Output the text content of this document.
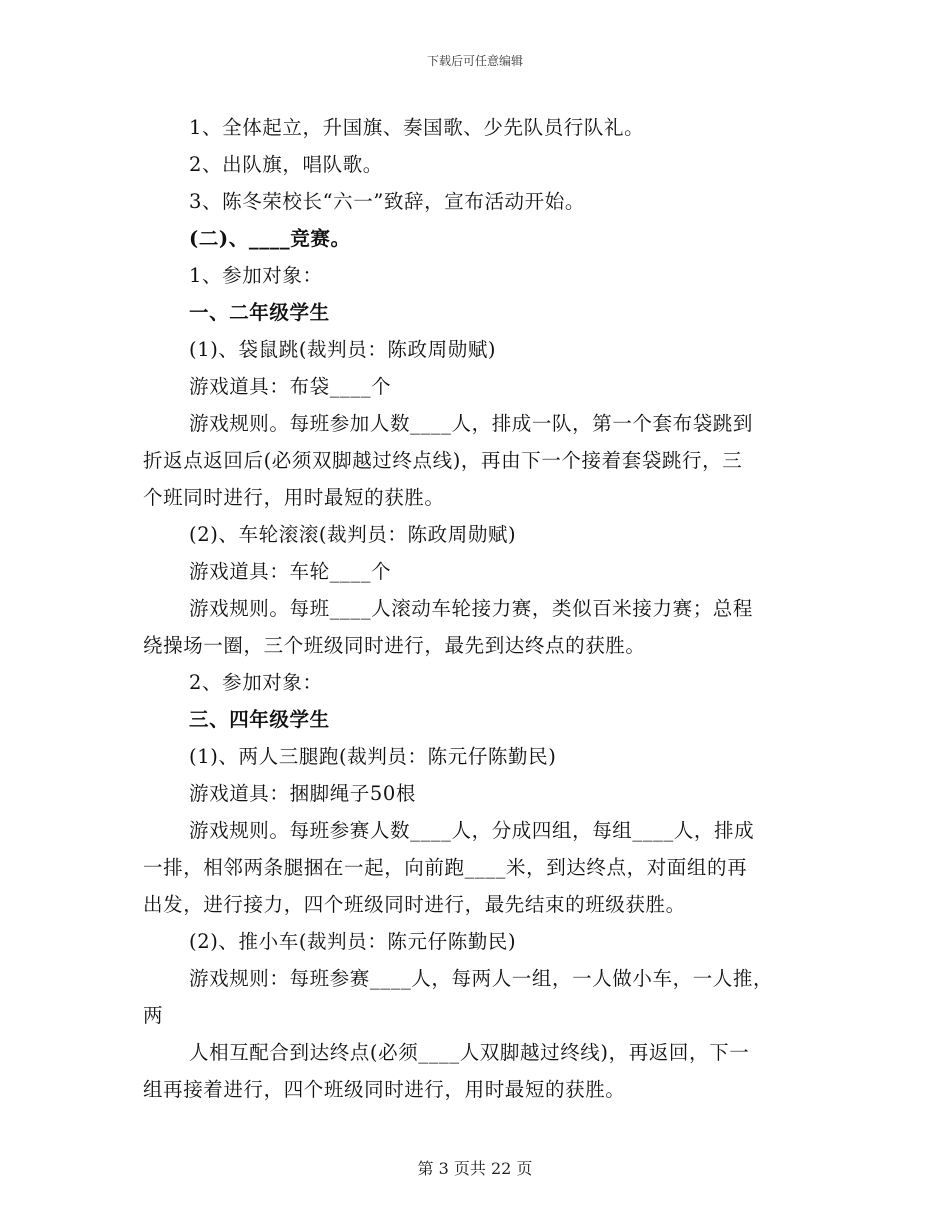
下载后可任意编辑
1、全体起立，升国旗、奏国歌、少先队员行队礼。
2、出队旗，唱队歌。
3、陈冬荣校长“六一”致辞，宣布活动开始。
(二)、____竞赛。
1、参加对象：
一、二年级学生
(1)、袋鼠跳(裁判员：陈政周勋赋)
游戏道具：布袋____个
游戏规则。每班参加人数____人，排成一队，第一个套布袋跳到
折返点返回后(必须双脚越过终点线)，再由下一个接着套袋跳行，三
个班同时进行，用时最短的获胜。
(2)、车轮滚滚(裁判员：陈政周勋赋)
游戏道具：车轮____个
游戏规则。每班____人滚动车轮接力赛，类似百米接力赛；总程
绕操场一圈，三个班级同时进行，最先到达终点的获胜。
2、参加对象：
三、四年级学生
(1)、两人三腿跑(裁判员：陈元仔陈勤民)
游戏道具：捆脚绳子50根
游戏规则。每班参赛人数____人，分成四组，每组____人，排成
一排，相邻两条腿捆在一起，向前跑____米，到达终点，对面组的再
出发，进行接力，四个班级同时进行，最先结束的班级获胜。
(2)、推小车(裁判员：陈元仔陈勤民)
游戏规则：每班参赛____人，每两人一组，一人做小车，一人推，
两
人相互配合到达终点(必须____人双脚越过终线)，再返回，下一
组再接着进行，四个班级同时进行，用时最短的获胜。
第 3 页共 22 页
